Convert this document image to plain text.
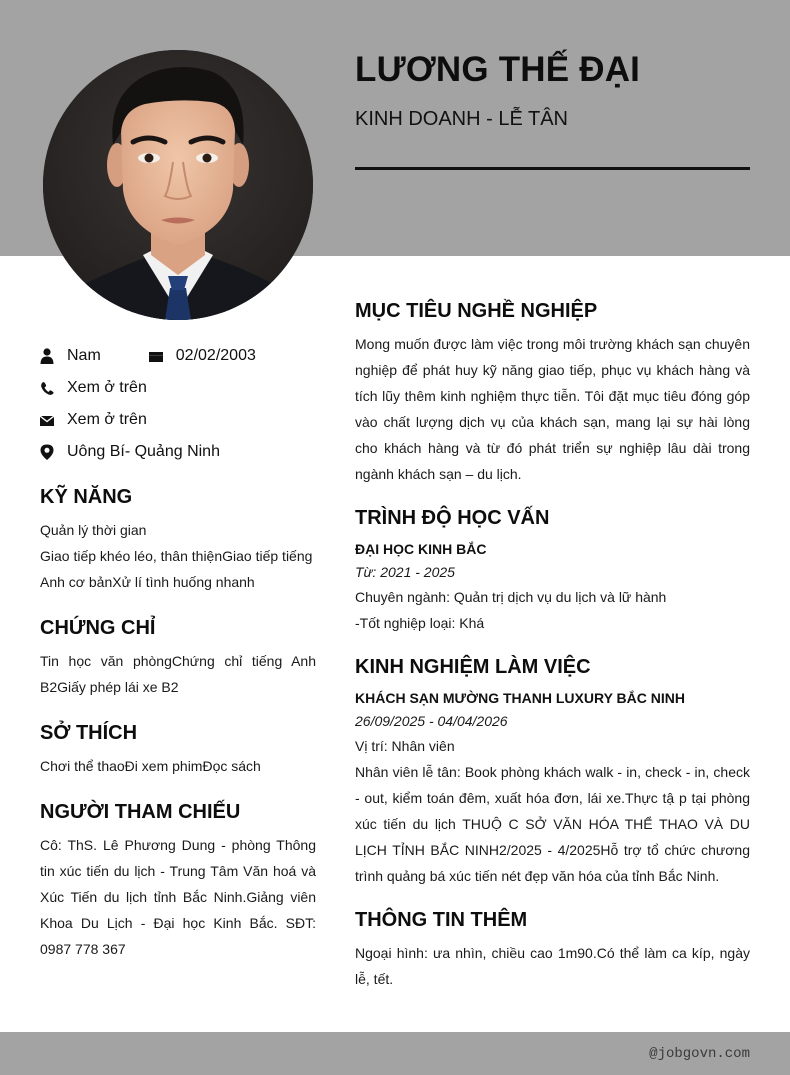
LƯƠNG THẾ ĐẠI
KINH DOANH - LỄ TÂN
Nam	02/02/2003
Xem ở trên
Xem ở trên
Uông Bí- Quảng Ninh
KỸ NĂNG
Quản lý thời gian
Giao tiếp khéo léo, thân thiệnGiao tiếp tiếng Anh cơ bảnXử lí tình huống nhanh
CHỨNG CHỈ
Tin học văn phòngChứng chỉ tiếng Anh B2Giấy phép lái xe B2
SỞ THÍCH
Chơi thể thaoĐi xem phimĐọc sách
NGƯỜI THAM CHIẾU
Cô: ThS. Lê Phương Dung - phòng Thông tin xúc tiến du lịch - Trung Tâm Văn hoá và Xúc Tiến du lịch tỉnh Bắc Ninh.Giảng viên Khoa Du Lịch - Đại học Kinh Bắc. SĐT: 0987 778 367
MỤC TIÊU NGHỀ NGHIỆP
Mong muốn được làm việc trong môi trường khách sạn chuyên nghiệp để phát huy kỹ năng giao tiếp, phục vụ khách hàng và tích lũy thêm kinh nghiệm thực tiễn. Tôi đặt mục tiêu đóng góp vào chất lượng dịch vụ của khách sạn, mang lại sự hài lòng cho khách hàng và từ đó phát triển sự nghiệp lâu dài trong ngành khách sạn – du lịch.
TRÌNH ĐỘ HỌC VẤN
ĐẠI HỌC KINH BẮC
Từ: 2021 - 2025
Chuyên ngành: Quản trị dịch vụ du lịch và lữ hành
-Tốt nghiệp loại: Khá
KINH NGHIỆM LÀM VIỆC
KHÁCH SẠN MƯỜNG THANH LUXURY BẮC NINH
26/09/2025 - 04/04/2026
Vị trí: Nhân viên
Nhân viên lễ tân: Book phòng khách walk - in, check - in, check - out, kiểm toán đêm, xuất hóa đơn, lái xe.Thực tậ p tại phòng xúc tiến du lịch THUỘ C SỞ VĂN HÓA THỂ THAO VÀ DU LỊCH TỈNH BẮC NINH2/2025 - 4/2025Hỗ trợ tổ chức chương trình quảng bá xúc tiến nét đẹp văn hóa của tỉnh Bắc Ninh.
THÔNG TIN THÊM
Ngoại hình: ưa nhìn, chiều cao 1m90.Có thể làm ca kíp, ngày lễ, tết.
@jobgovn.com
